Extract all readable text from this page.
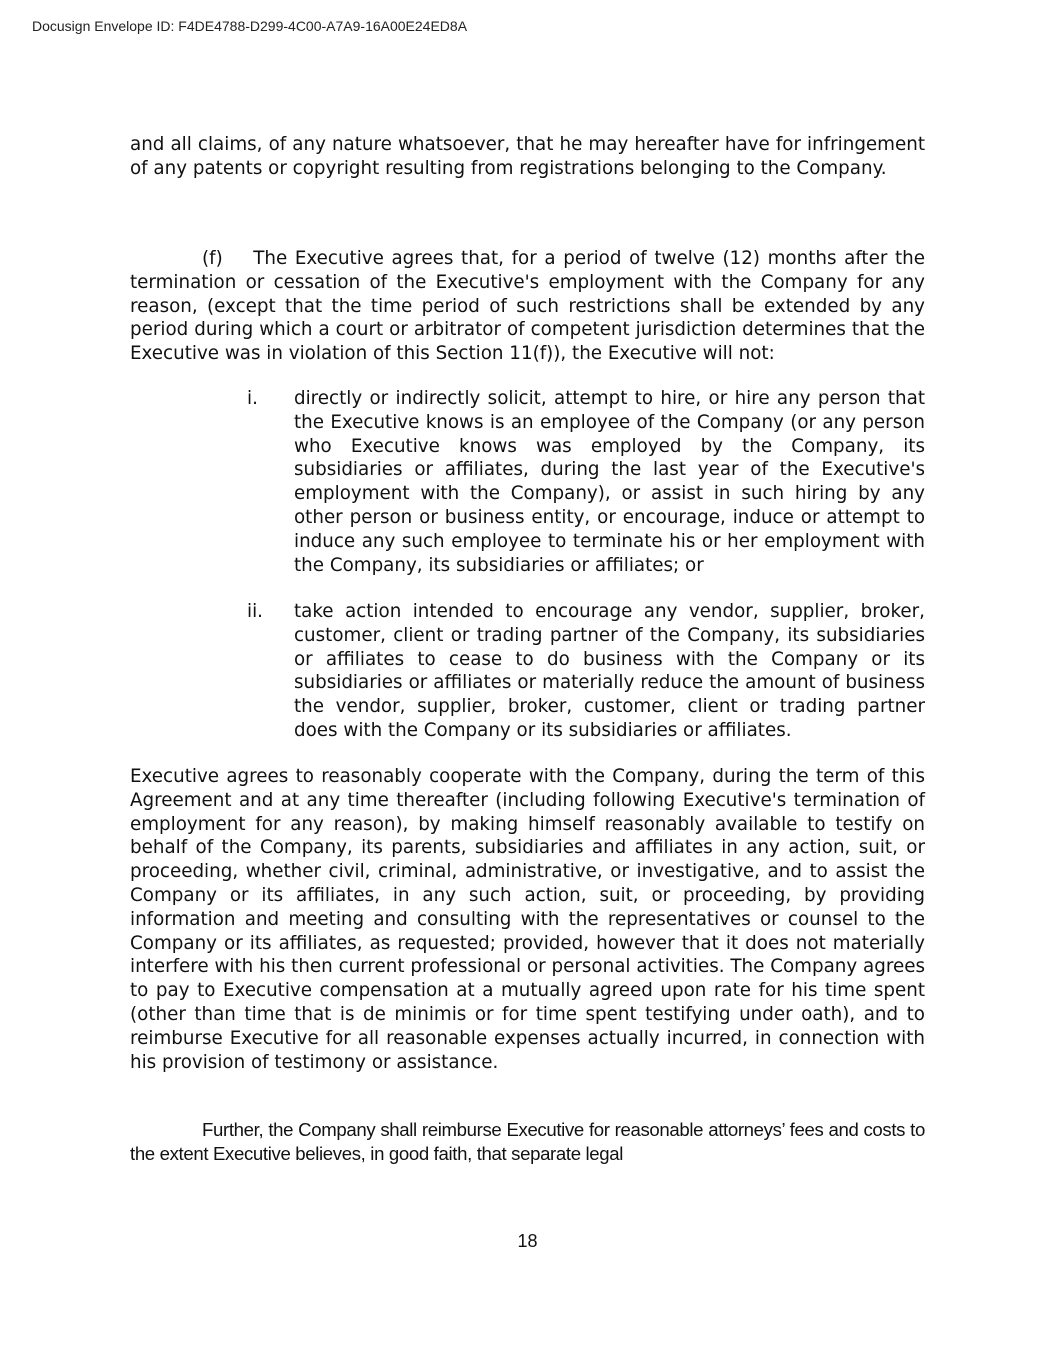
Docusign Envelope ID: F4DE4788-D299-4C00-A7A9-16A00E24ED8A

and all claims, of any nature whatsoever, that he may hereafter have for infringement of any patents or copyright resulting from registrations belonging to the Company.

(f)    The Executive agrees that, for a period of twelve (12) months after the termination or cessation of the Executive's employment with the Company for any reason, (except that the time period of such restrictions shall be extended by any period during which a court or arbitrator of competent jurisdiction determines that the Executive was in violation of this Section 11(f)), the Executive will not:

i. directly or indirectly solicit, attempt to hire, or hire any person that the Executive knows is an employee of the Company (or any person who Executive knows was employed by the Company, its subsidiaries or affiliates, during the last year of the Executive's employment with the Company), or assist in such hiring by any other person or business entity, or encourage, induce or attempt to induce any such employee to terminate his or her employment with the Company, its subsidiaries or affiliates; or
ii. take action intended to encourage any vendor, supplier, broker, customer, client or trading partner of the Company, its subsidiaries or affiliates to cease to do business with the Company or its subsidiaries or affiliates or materially reduce the amount of business the vendor, supplier, broker, customer, client or trading partner does with the Company or its subsidiaries or affiliates.

Executive agrees to reasonably cooperate with the Company, during the term of this Agreement and at any time thereafter (including following Executive's termination of employment for any reason), by making himself reasonably available to testify on behalf of the Company, its parents, subsidiaries and affiliates in any action, suit, or proceeding, whether civil, criminal, administrative, or investigative, and to assist the Company or its affiliates, in any such action, suit, or proceeding, by providing information and meeting and consulting with the representatives or counsel to the Company or its affiliates, as requested; provided, however that it does not materially interfere with his then current professional or personal activities. The Company agrees to pay to Executive compensation at a mutually agreed upon rate for his time spent (other than time that is de minimis or for time spent testifying under oath), and to reimburse Executive for all reasonable expenses actually incurred, in connection with his provision of testimony or assistance.

Further, the Company shall reimburse Executive for reasonable attorneys’ fees and costs to the extent Executive believes, in good faith, that separate legal

18
